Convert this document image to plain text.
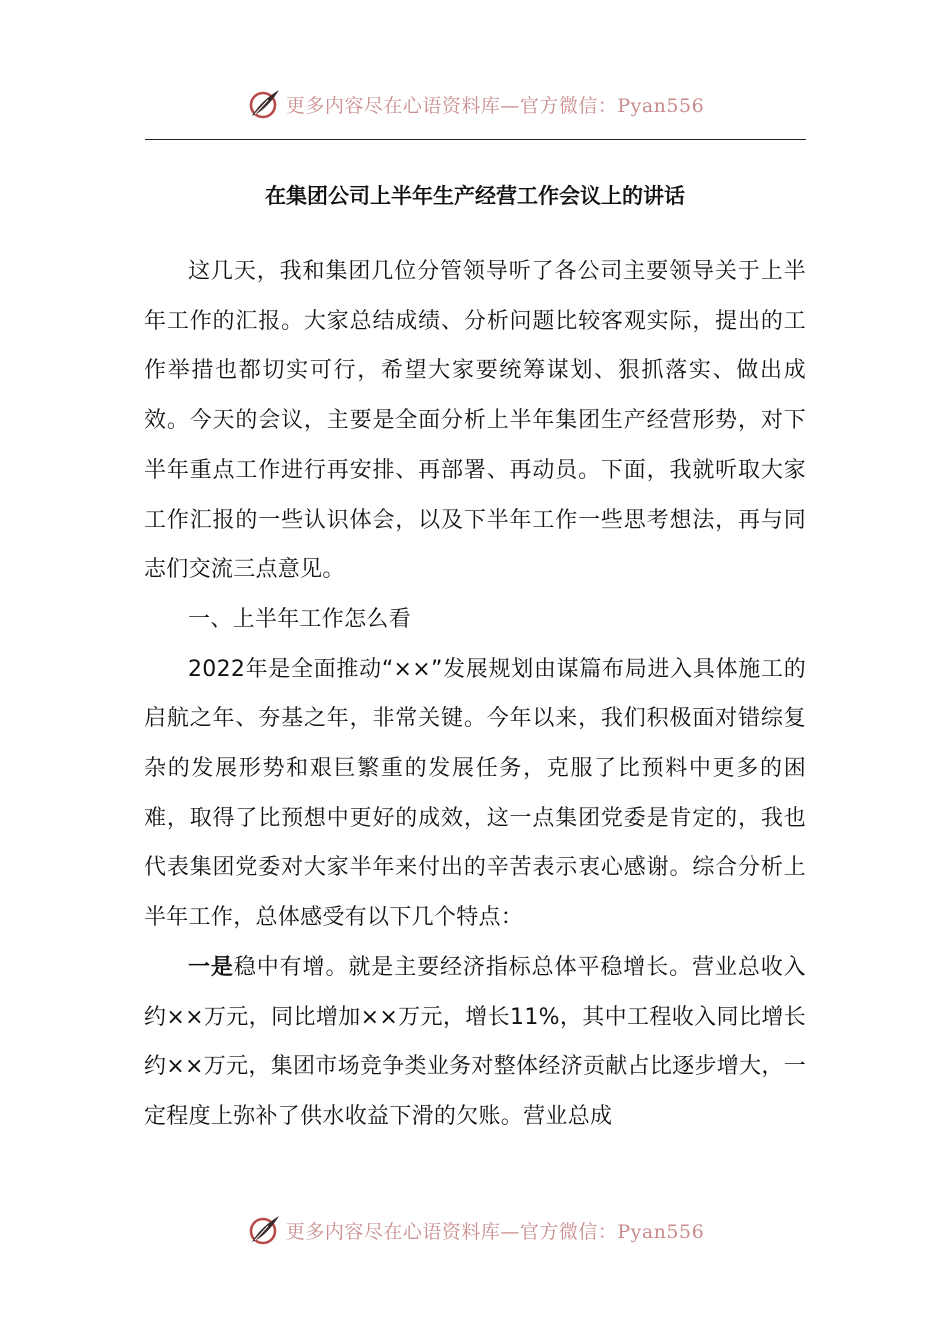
更多内容尽在心语资料库—官方微信：Pyan556
在集团公司上半年生产经营工作会议上的讲话

这几天，我和集团几位分管领导听了各公司主要领导关于上半年工作的汇报。大家总结成绩、分析问题比较客观实际，提出的工作举措也都切实可行，希望大家要统筹谋划、狠抓落实、做出成效。今天的会议，主要是全面分析上半年集团生产经营形势，对下半年重点工作进行再安排、再部署、再动员。下面，我就听取大家工作汇报的一些认识体会，以及下半年工作一些思考想法，再与同志们交流三点意见。

一、上半年工作怎么看

2022年是全面推动“××”发展规划由谋篇布局进入具体施工的启航之年、夯基之年，非常关键。今年以来，我们积极面对错综复杂的发展形势和艰巨繁重的发展任务，克服了比预料中更多的困难，取得了比预想中更好的成效，这一点集团党委是肯定的，我也代表集团党委对大家半年来付出的辛苦表示衷心感谢。综合分析上半年工作，总体感受有以下几个特点：

一是稳中有增。就是主要经济指标总体平稳增长。营业总收入约××万元，同比增加××万元，增长11%，其中工程收入同比增长约××万元，集团市场竞争类业务对整体经济贡献占比逐步增大，一定程度上弥补了供水收益下滑的欠账。营业总成

更多内容尽在心语资料库—官方微信：Pyan556
